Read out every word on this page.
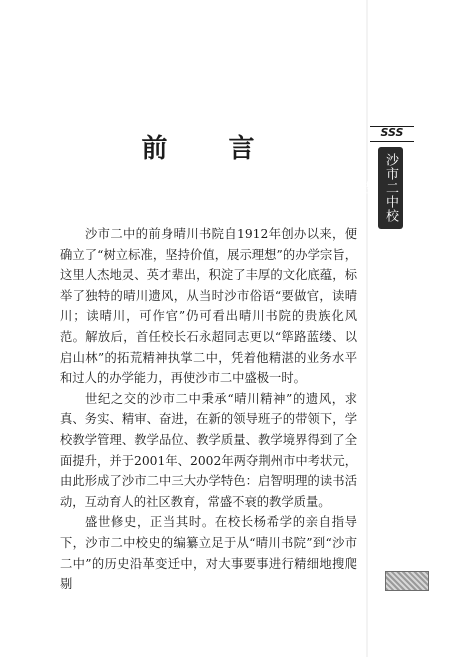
SSS
沙市二中校志
前 言

沙市二中的前身晴川书院自1912年创办以来，便确立了“树立标准，坚持价值，展示理想”的办学宗旨，这里人杰地灵、英才辈出，积淀了丰厚的文化底蕴，标举了独特的晴川遗风，从当时沙市俗语“要做官，读晴川；读晴川，可作官”仍可看出晴川书院的贵族化风范。解放后，首任校长石永超同志更以“筚路蓝缕、以启山林”的拓荒精神执掌二中，凭着他精湛的业务水平和过人的办学能力，再使沙市二中盛极一时。

世纪之交的沙市二中秉承“晴川精神”的遗风，求真、务实、精审、奋进，在新的领导班子的带领下，学校教学管理、教学品位、教学质量、教学境界得到了全面提升，并于2001年、2002年两夺荆州市中考状元，由此形成了沙市二中三大办学特色：启智明理的读书活动，互动育人的社区教育，常盛不衰的教学质量。

盛世修史，正当其时。在校长杨希学的亲自指导下，沙市二中校史的编纂立足于从“晴川书院”到“沙市二中”的历史沿革变迁中，对大事要事进行精细地搜爬剔
